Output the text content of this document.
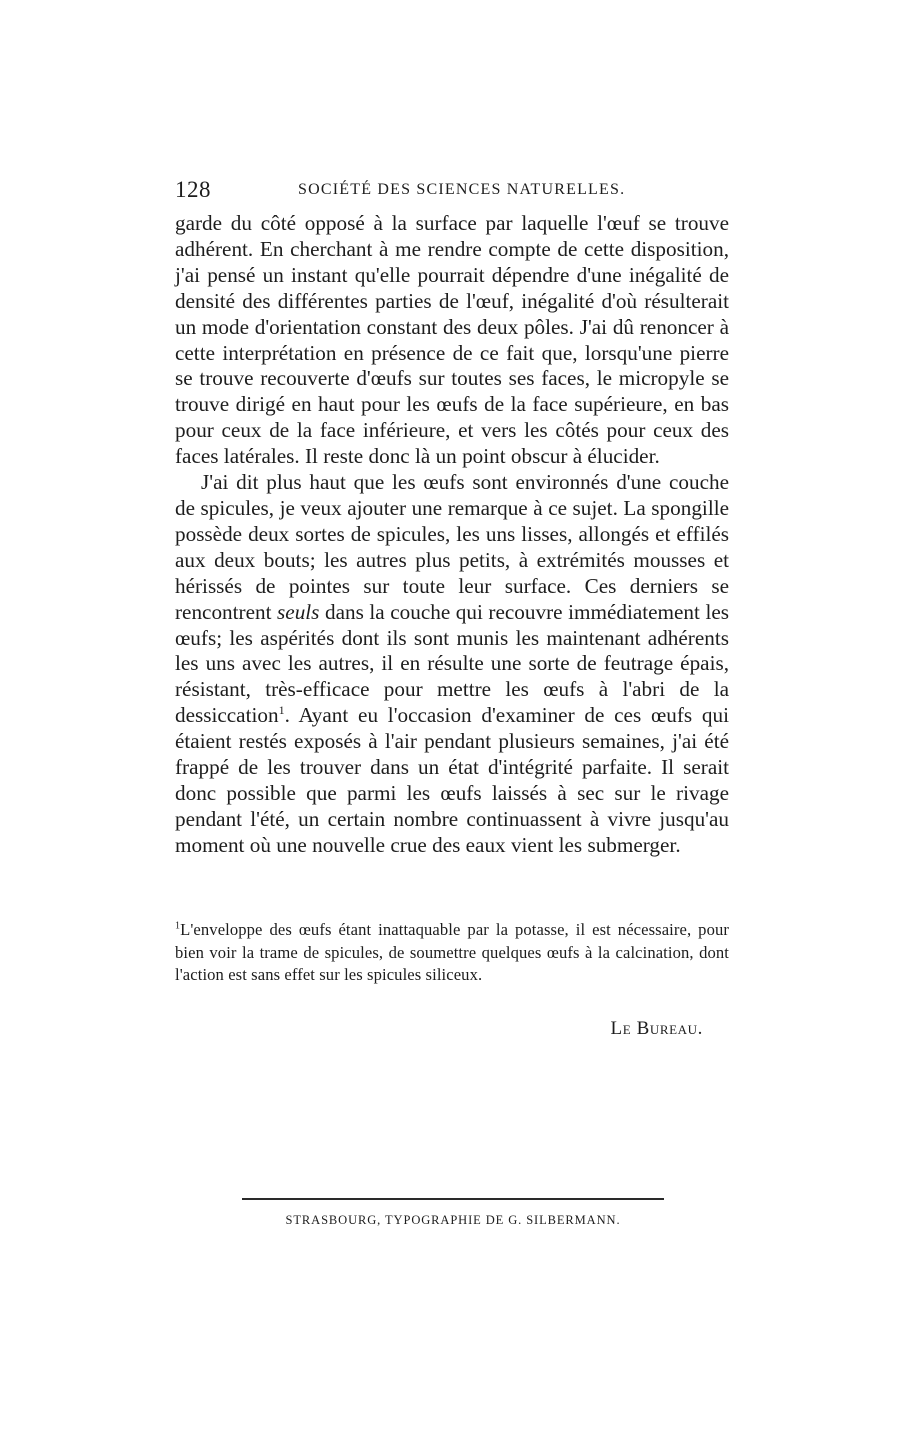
128	SOCIÉTÉ DES SCIENCES NATURELLES.

garde du côté opposé à la surface par laquelle l'œuf se trouve adhérent. En cherchant à me rendre compte de cette disposition, j'ai pensé un instant qu'elle pourrait dépendre d'une inégalité de densité des différentes parties de l'œuf, inégalité d'où résulterait un mode d'orientation constant des deux pôles. J'ai dû renoncer à cette interprétation en présence de ce fait que, lorsqu'une pierre se trouve recouverte d'œufs sur toutes ses faces, le micropyle se trouve dirigé en haut pour les œufs de la face supérieure, en bas pour ceux de la face inférieure, et vers les côtés pour ceux des faces latérales. Il reste donc là un point obscur à élucider.

J'ai dit plus haut que les œufs sont environnés d'une couche de spicules, je veux ajouter une remarque à ce sujet. La spongille possède deux sortes de spicules, les uns lisses, allongés et effilés aux deux bouts; les autres plus petits, à extrémités mousses et hérissés de pointes sur toute leur surface. Ces derniers se rencontrent seuls dans la couche qui recouvre immédiatement les œufs; les aspérités dont ils sont munis les maintenant adhérents les uns avec les autres, il en résulte une sorte de feutrage épais, résistant, très-efficace pour mettre les œufs à l'abri de la dessiccation$^1$. Ayant eu l'occasion d'examiner de ces œufs qui étaient restés exposés à l'air pendant plusieurs semaines, j'ai été frappé de les trouver dans un état d'intégrité parfaite. Il serait donc possible que parmi les œufs laissés à sec sur le rivage pendant l'été, un certain nombre continuassent à vivre jusqu'au moment où une nouvelle crue des eaux vient les submerger.

$^1$L'enveloppe des œufs étant inattaquable par la potasse, il est nécessaire, pour bien voir la trame de spicules, de soumettre quelques œufs à la calcination, dont l'action est sans effet sur les spicules siliceux.
Le Bureau.
STRASBOURG, TYPOGRAPHIE DE G. SILBERMANN.
